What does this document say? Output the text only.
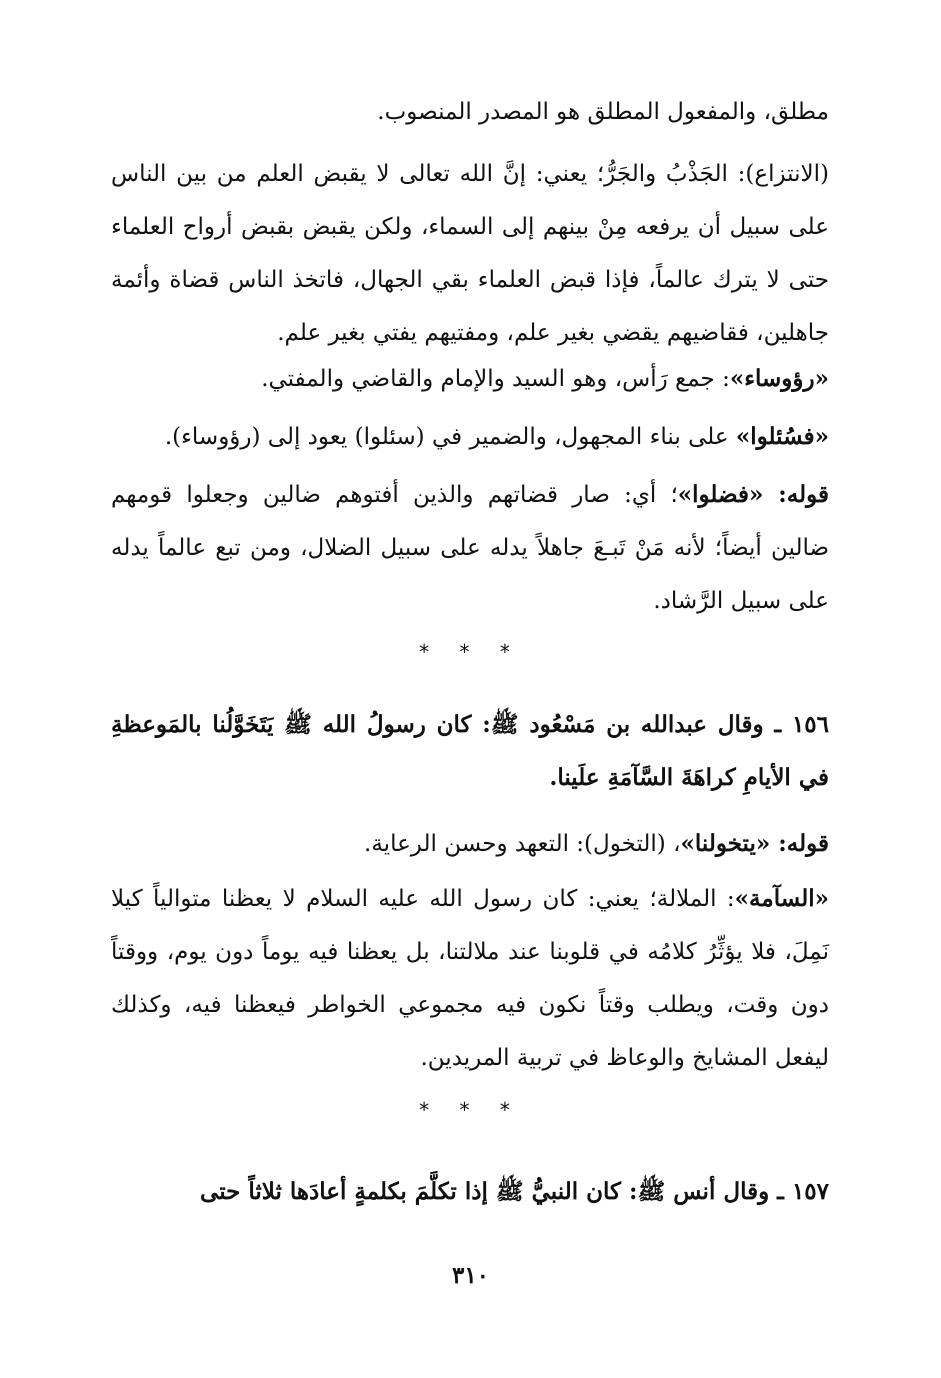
مطلق، والمفعول المطلق هو المصدر المنصوب.

(الانتزاع): الجَذْبُ والجَرُّ؛ يعني: إنَّ الله تعالى لا يقبض العلم من بين الناس على سبيل أن يرفعه مِنْ بينهم إلى السماء، ولكن يقبض بقبض أرواح العلماء حتى لا يترك عالماً، فإذا قبض العلماء بقي الجهال، فاتخذ الناس قضاة وأئمة جاهلين، فقاضيهم يقضي بغير علم، ومفتيهم يفتي بغير علم.

«رؤوساء»: جمع رَأس، وهو السيد والإمام والقاضي والمفتي.

«فسُئلوا» على بناء المجهول، والضمير في (سئلوا) يعود إلى (رؤوساء).

قوله: «فضلوا»؛ أي: صار قضاتهم والذين أفتوهم ضالين وجعلوا قومهم ضالين أيضاً؛ لأنه مَنْ تَبـعَ جاهلاً يدله على سبيل الضلال، ومن تبع عالماً يدله على سبيل الرَّشاد.

* * *

١٥٦ ـ وقال عبدالله بن مَسْعُود ﷺ: كان رسولُ الله ﷺ يَتَخَوَّلُنا بالمَوعظةِ في الأيامِ كراهَةَ السَّآمَةِ علَينا.

قوله: «يتخولنا»، (التخول): التعهد وحسن الرعاية.

«السآمة»: الملالة؛ يعني: كان رسول الله عليه السلام لا يعظنا متوالياً كيلا نَمِلَ، فلا يؤثِّرُ كلامُه في قلوبنا عند ملالتنا، بل يعظنا فيه يوماً دون يوم، ووقتاً دون وقت، ويطلب وقتاً نكون فيه مجموعي الخواطر فيعظنا فيه، وكذلك ليفعل المشايخ والوعاظ في تربية المريدين.

* * *

١٥٧ ـ وقال أنس ﷺ: كان النبيُّ ﷺ إذا تكلَّمَ بكلمةٍ أعادَها ثلاثاً حتى

٣١٠
